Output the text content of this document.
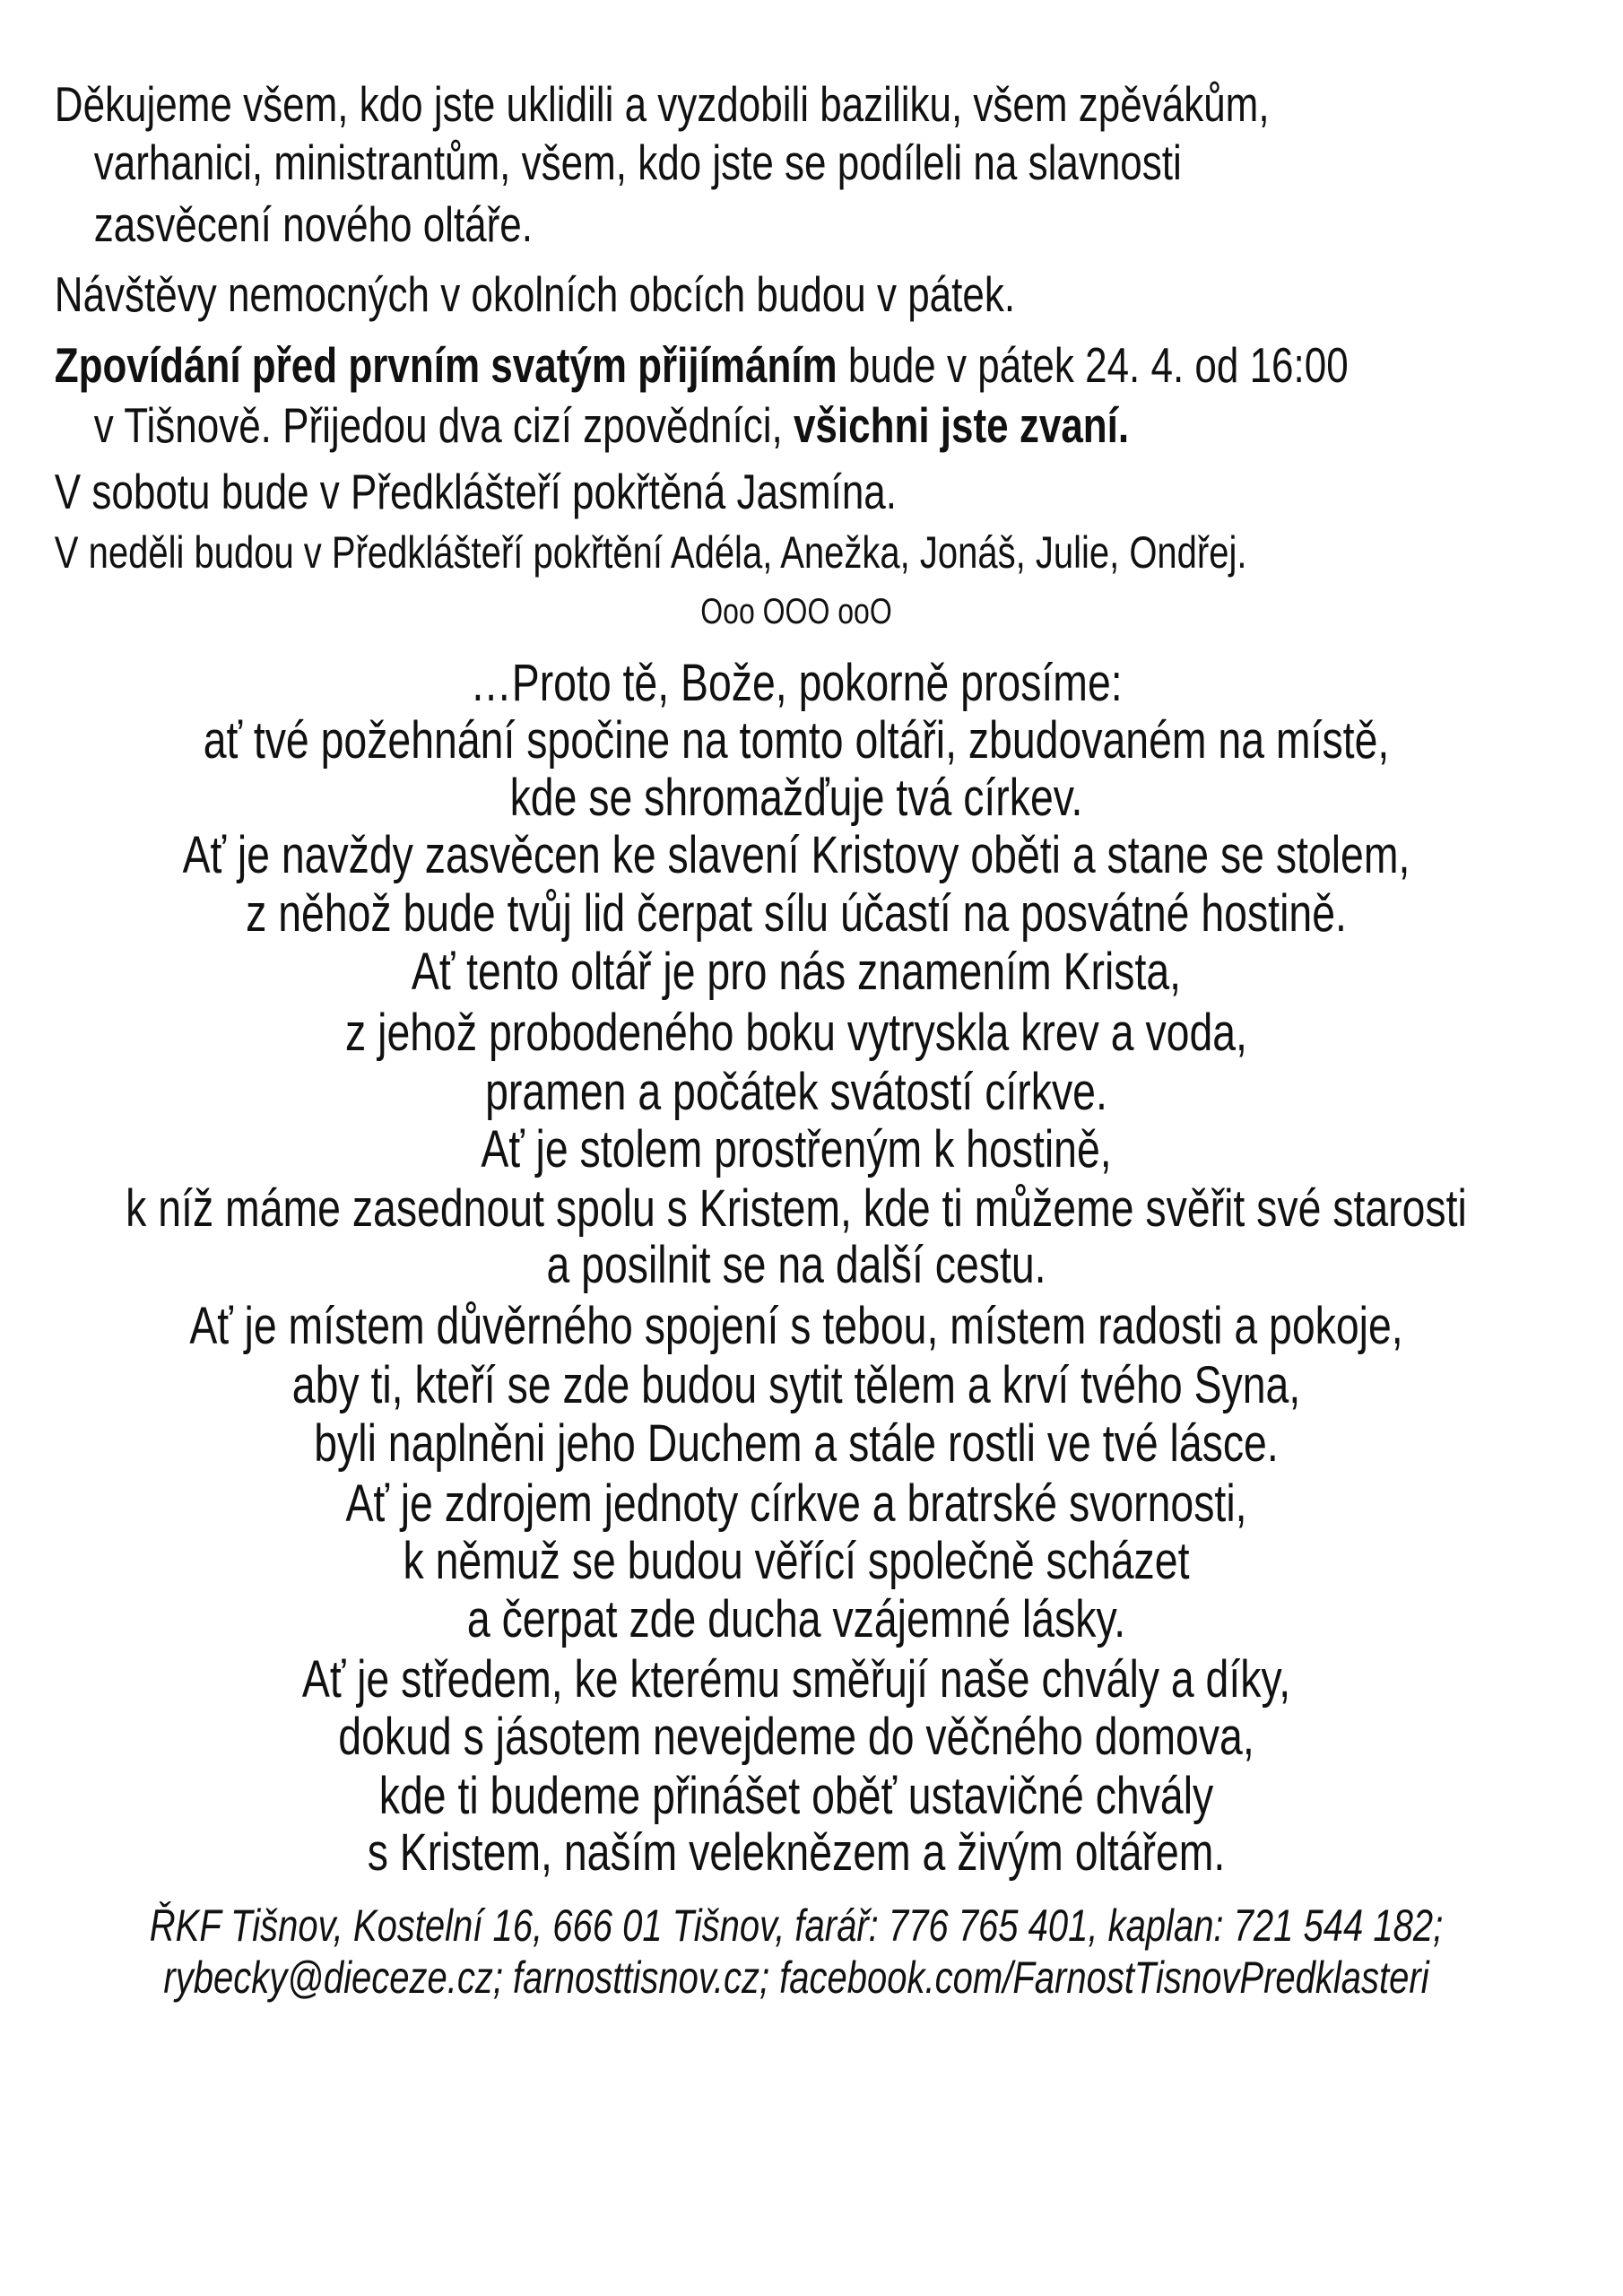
Děkujeme všem, kdo jste uklidili a vyzdobili baziliku, všem zpěvákům,
varhanici, ministrantům, všem, kdo jste se podíleli na slavnosti
zasvěcení nového oltáře.
Návštěvy nemocných v okolních obcích budou v pátek.
Zpovídání před prvním svatým přijímáním bude v pátek 24. 4. od 16:00
v Tišnově. Přijedou dva cizí zpovědníci, všichni jste zvaní.
V sobotu bude v Předklášteří pokřtěná Jasmína.
V neděli budou v Předklášteří pokřtění Adéla, Anežka, Jonáš, Julie, Ondřej.
Ooo OOO ooO
…Proto tě, Bože, pokorně prosíme:
ať tvé požehnání spočine na tomto oltáři, zbudovaném na místě,
kde se shromažďuje tvá církev.
Ať je navždy zasvěcen ke slavení Kristovy oběti a stane se stolem,
z něhož bude tvůj lid čerpat sílu účastí na posvátné hostině.
Ať tento oltář je pro nás znamením Krista,
z jehož probodeného boku vytryskla krev a voda,
pramen a počátek svátostí církve.
Ať je stolem prostřeným k hostině,
k níž máme zasednout spolu s Kristem, kde ti můžeme svěřit své starosti
a posilnit se na další cestu.
Ať je místem důvěrného spojení s tebou, místem radosti a pokoje,
aby ti, kteří se zde budou sytit tělem a krví tvého Syna,
byli naplněni jeho Duchem a stále rostli ve tvé lásce.
Ať je zdrojem jednoty církve a bratrské svornosti,
k němuž se budou věřící společně scházet
a čerpat zde ducha vzájemné lásky.
Ať je středem, ke kterému směřují naše chvály a díky,
dokud s jásotem nevejdeme do věčného domova,
kde ti budeme přinášet oběť ustavičné chvály
s Kristem, naším veleknězem a živým oltářem.
ŘKF Tišnov, Kostelní 16, 666 01 Tišnov, farář: 776 765 401, kaplan: 721 544 182;
rybecky@dieceze.cz; farnosttisnov.cz; facebook.com/FarnostTisnovPredklasteri
